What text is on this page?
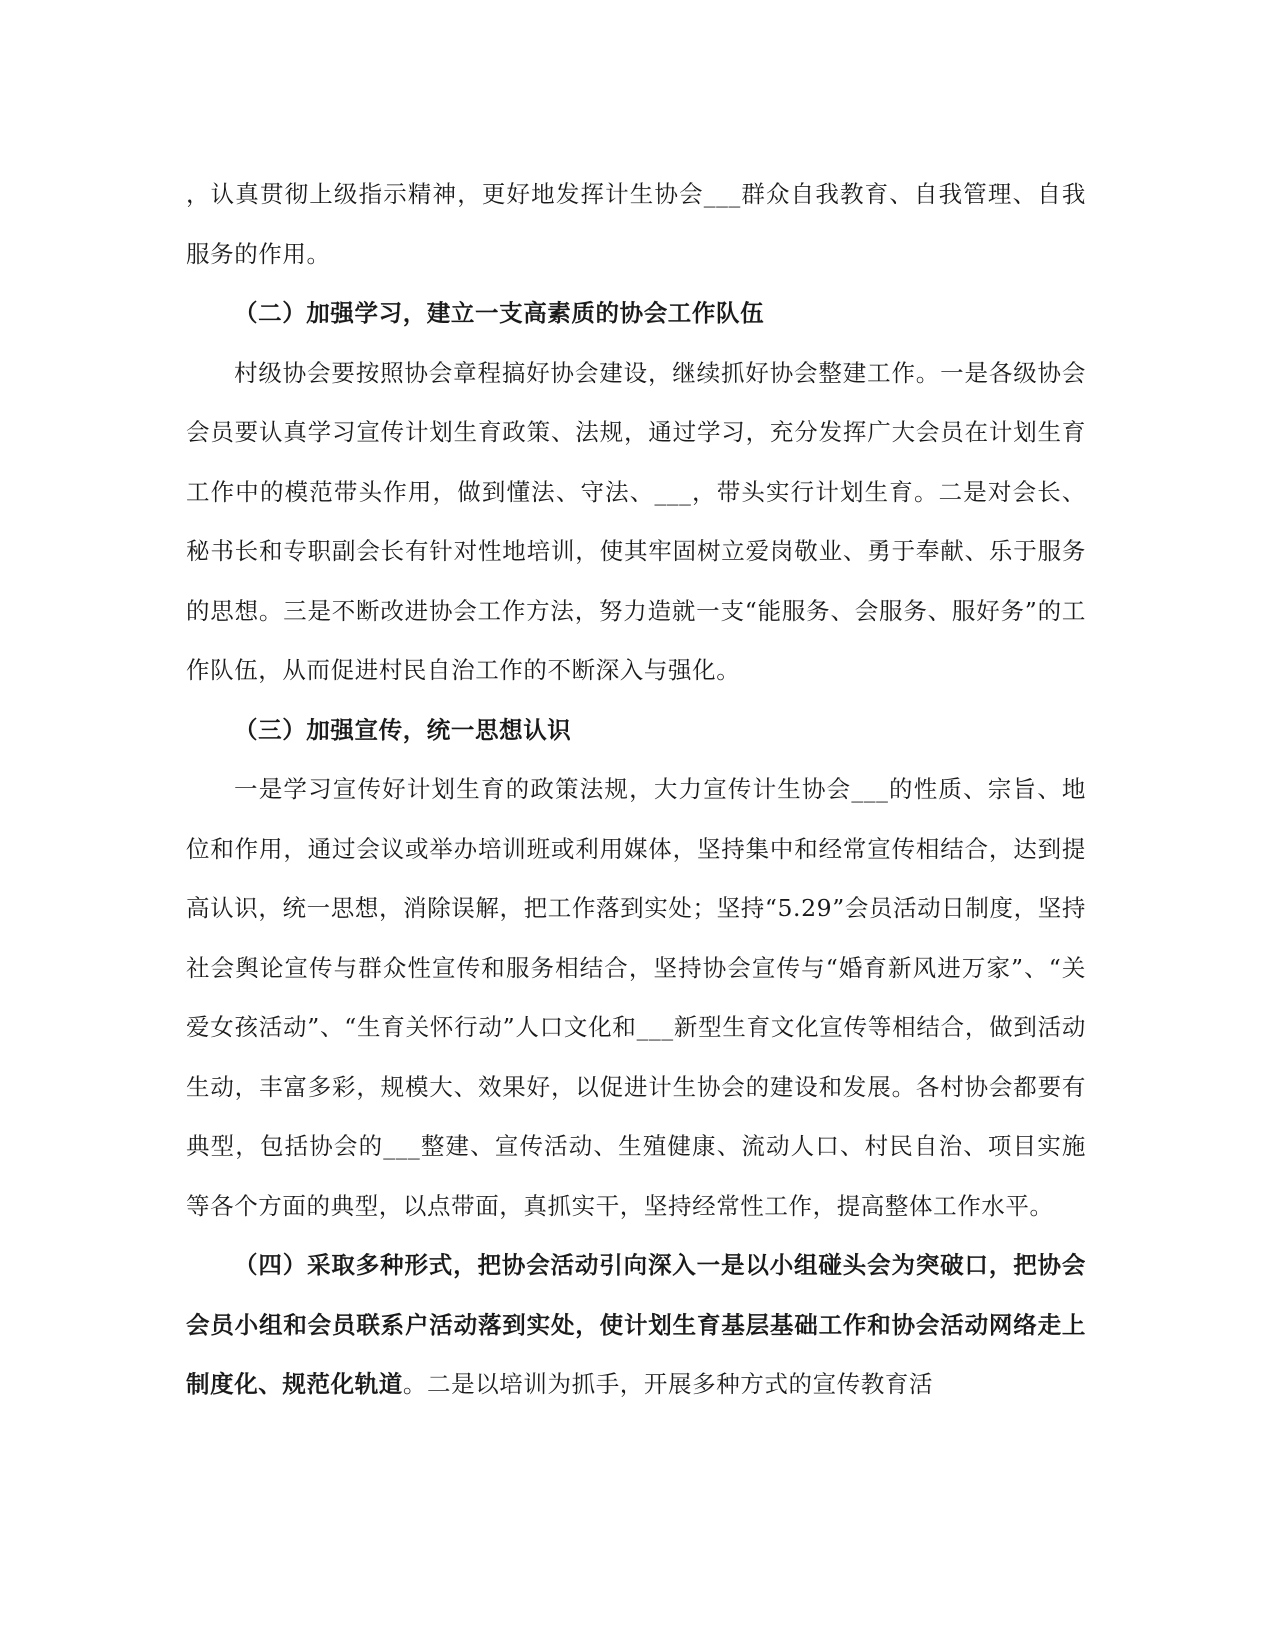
，认真贯彻上级指示精神，更好地发挥计生协会___群众自我教育、自我管理、自我服务的作用。

（二）加强学习，建立一支高素质的协会工作队伍

村级协会要按照协会章程搞好协会建设，继续抓好协会整建工作。一是各级协会会员要认真学习宣传计划生育政策、法规，通过学习，充分发挥广大会员在计划生育工作中的模范带头作用，做到懂法、守法、___，带头实行计划生育。二是对会长、秘书长和专职副会长有针对性地培训，使其牢固树立爱岗敬业、勇于奉献、乐于服务的思想。三是不断改进协会工作方法，努力造就一支“能服务、会服务、服好务”的工作队伍，从而促进村民自治工作的不断深入与强化。

（三）加强宣传，统一思想认识

一是学习宣传好计划生育的政策法规，大力宣传计生协会___的性质、宗旨、地位和作用，通过会议或举办培训班或利用媒体，坚持集中和经常宣传相结合，达到提高认识，统一思想，消除误解，把工作落到实处；坚持“5.29”会员活动日制度，坚持社会舆论宣传与群众性宣传和服务相结合，坚持协会宣传与“婚育新风进万家”、“关爱女孩活动”、“生育关怀行动”人口文化和___新型生育文化宣传等相结合，做到活动生动，丰富多彩，规模大、效果好，以促进计生协会的建设和发展。各村协会都要有典型，包括协会的___整建、宣传活动、生殖健康、流动人口、村民自治、项目实施等各个方面的典型，以点带面，真抓实干，坚持经常性工作，提高整体工作水平。

（四）采取多种形式，把协会活动引向深入一是以小组碰头会为突破口，把协会会员小组和会员联系户活动落到实处，使计划生育基层基础工作和协会活动网络走上制度化、规范化轨道。二是以培训为抓手，开展多种方式的宣传教育活
